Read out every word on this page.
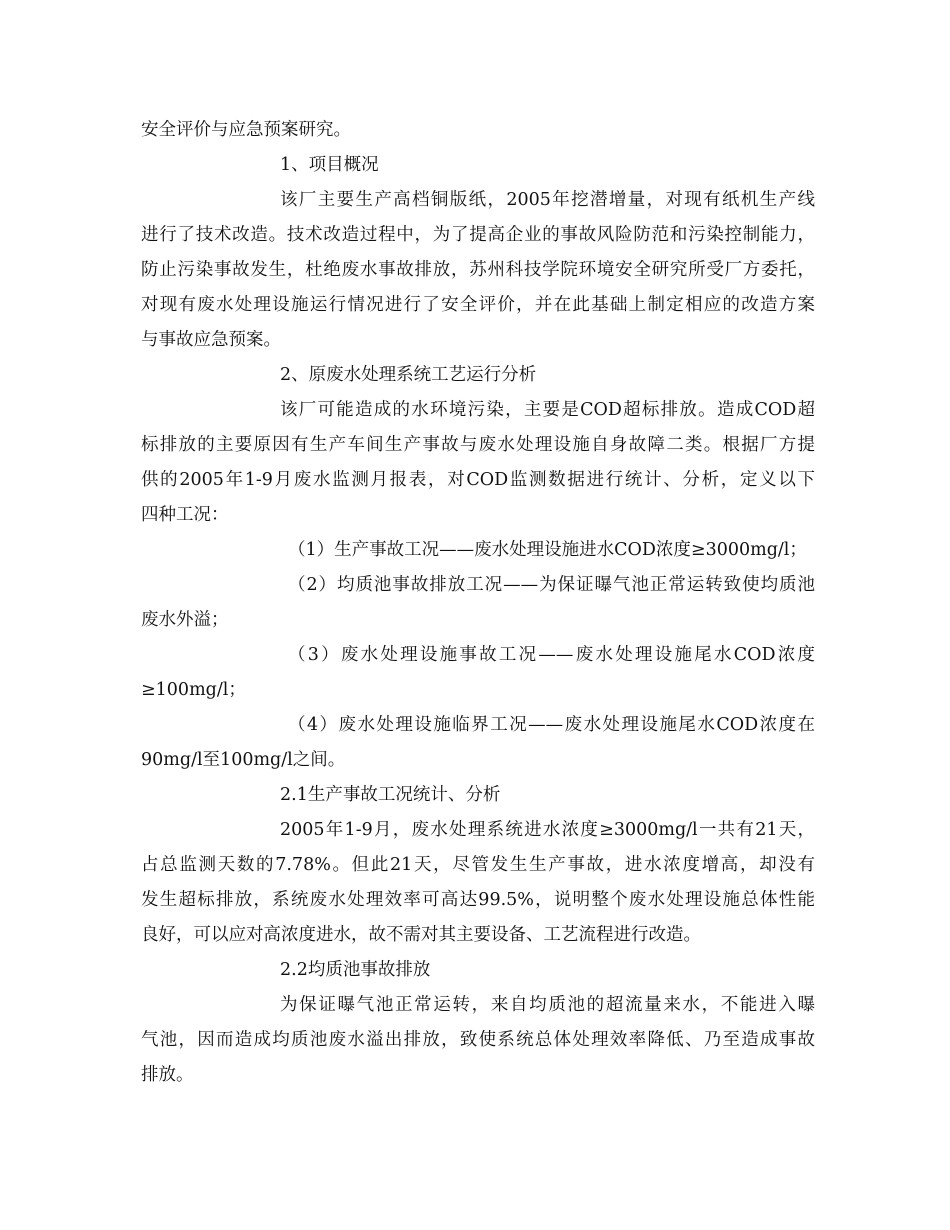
安全评价与应急预案研究。
1、项目概况
该厂主要生产高档铜版纸，2005年挖潜增量，对现有纸机生产线
进行了技术改造。技术改造过程中，为了提高企业的事故风险防范和污染控制能力，
防止污染事故发生，杜绝废水事故排放，苏州科技学院环境安全研究所受厂方委托，
对现有废水处理设施运行情况进行了安全评价，并在此基础上制定相应的改造方案
与事故应急预案。
2、原废水处理系统工艺运行分析
该厂可能造成的水环境污染，主要是COD超标排放。造成COD超
标排放的主要原因有生产车间生产事故与废水处理设施自身故障二类。根据厂方提
供的2005年1-9月废水监测月报表，对COD监测数据进行统计、分析，定义以下
四种工况：
（1）生产事故工况——废水处理设施进水COD浓度≥3000mg/l；
（2）均质池事故排放工况——为保证曝气池正常运转致使均质池
废水外溢；
（3）废水处理设施事故工况——废水处理设施尾水COD浓度
≥100mg/l；
（4）废水处理设施临界工况——废水处理设施尾水COD浓度在
90mg/l至100mg/l之间。
2.1生产事故工况统计、分析
2005年1-9月，废水处理系统进水浓度≥3000mg/l一共有21天，
占总监测天数的7.78%。但此21天，尽管发生生产事故，进水浓度增高，却没有
发生超标排放，系统废水处理效率可高达99.5%，说明整个废水处理设施总体性能
良好，可以应对高浓度进水，故不需对其主要设备、工艺流程进行改造。
2.2均质池事故排放
为保证曝气池正常运转，来自均质池的超流量来水，不能进入曝
气池，因而造成均质池废水溢出排放，致使系统总体处理效率降低、乃至造成事故
排放。
